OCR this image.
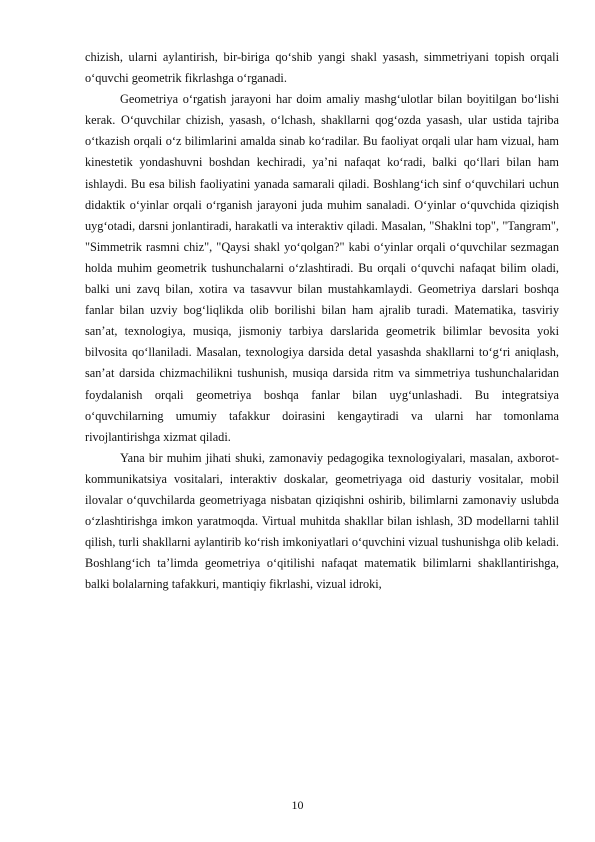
chizish, ularni aylantirish, bir-biriga qo‘shib yangi shakl yasash, simmetriyani topish orqali o‘quvchi geometrik fikrlashga o‘rganadi.

Geometriya o‘rgatish jarayoni har doim amaliy mashg‘ulotlar bilan boyitilgan bo‘lishi kerak. O‘quvchilar chizish, yasash, o‘lchash, shakllarni qog‘ozda yasash, ular ustida tajriba o‘tkazish orqali o‘z bilimlarini amalda sinab ko‘radilar. Bu faoliyat orqali ular ham vizual, ham kinestetik yondashuvni boshdan kechiradi, ya’ni nafaqat ko‘radi, balki qo‘llari bilan ham ishlaydi. Bu esa bilish faoliyatini yanada samarali qiladi. Boshlang‘ich sinf o‘quvchilari uchun didaktik o‘yinlar orqali o‘rganish jarayoni juda muhim sanaladi. O‘yinlar o‘quvchida qiziqish uyg‘otadi, darsni jonlantiradi, harakatli va interaktiv qiladi. Masalan, "Shaklni top", "Tangram", "Simmetrik rasmni chiz", "Qaysi shakl yo‘qolgan?" kabi o‘yinlar orqali o‘quvchilar sezmagan holda muhim geometrik tushunchalarni o‘zlashtiradi. Bu orqali o‘quvchi nafaqat bilim oladi, balki uni zavq bilan, xotira va tasavvur bilan mustahkamlaydi. Geometriya darslari boshqa fanlar bilan uzviy bog‘liqlikda olib borilishi bilan ham ajralib turadi. Matematika, tasviriy san’at, texnologiya, musiqa, jismoniy tarbiya darslarida geometrik bilimlar bevosita yoki bilvosita qo‘llaniladi. Masalan, texnologiya darsida detal yasashda shakllarni to‘g‘ri aniqlash, san’at darsida chizmachilikni tushunish, musiqa darsida ritm va simmetriya tushunchalaridan foydalanish orqali geometriya boshqa fanlar bilan uyg‘unlashadi. Bu integratsiya o‘quvchilarning umumiy tafakkur doirasini kengaytiradi va ularni har tomonlama rivojlantirishga xizmat qiladi.

Yana bir muhim jihati shuki, zamonaviy pedagogika texnologiyalari, masalan, axborot-kommunikatsiya vositalari, interaktiv doskalar, geometriyaga oid dasturiy vositalar, mobil ilovalar o‘quvchilarda geometriyaga nisbatan qiziqishni oshirib, bilimlarni zamonaviy uslubda o‘zlashtirishga imkon yaratmoqda. Virtual muhitda shakllar bilan ishlash, 3D modellarni tahlil qilish, turli shakllarni aylantirib ko‘rish imkoniyatlari o‘quvchini vizual tushunishga olib keladi. Boshlang‘ich ta’limda geometriya o‘qitilishi nafaqat matematik bilimlarni shakllantirishga, balki bolalarning tafakkuri, mantiqiy fikrlashi, vizual idroki,

10
